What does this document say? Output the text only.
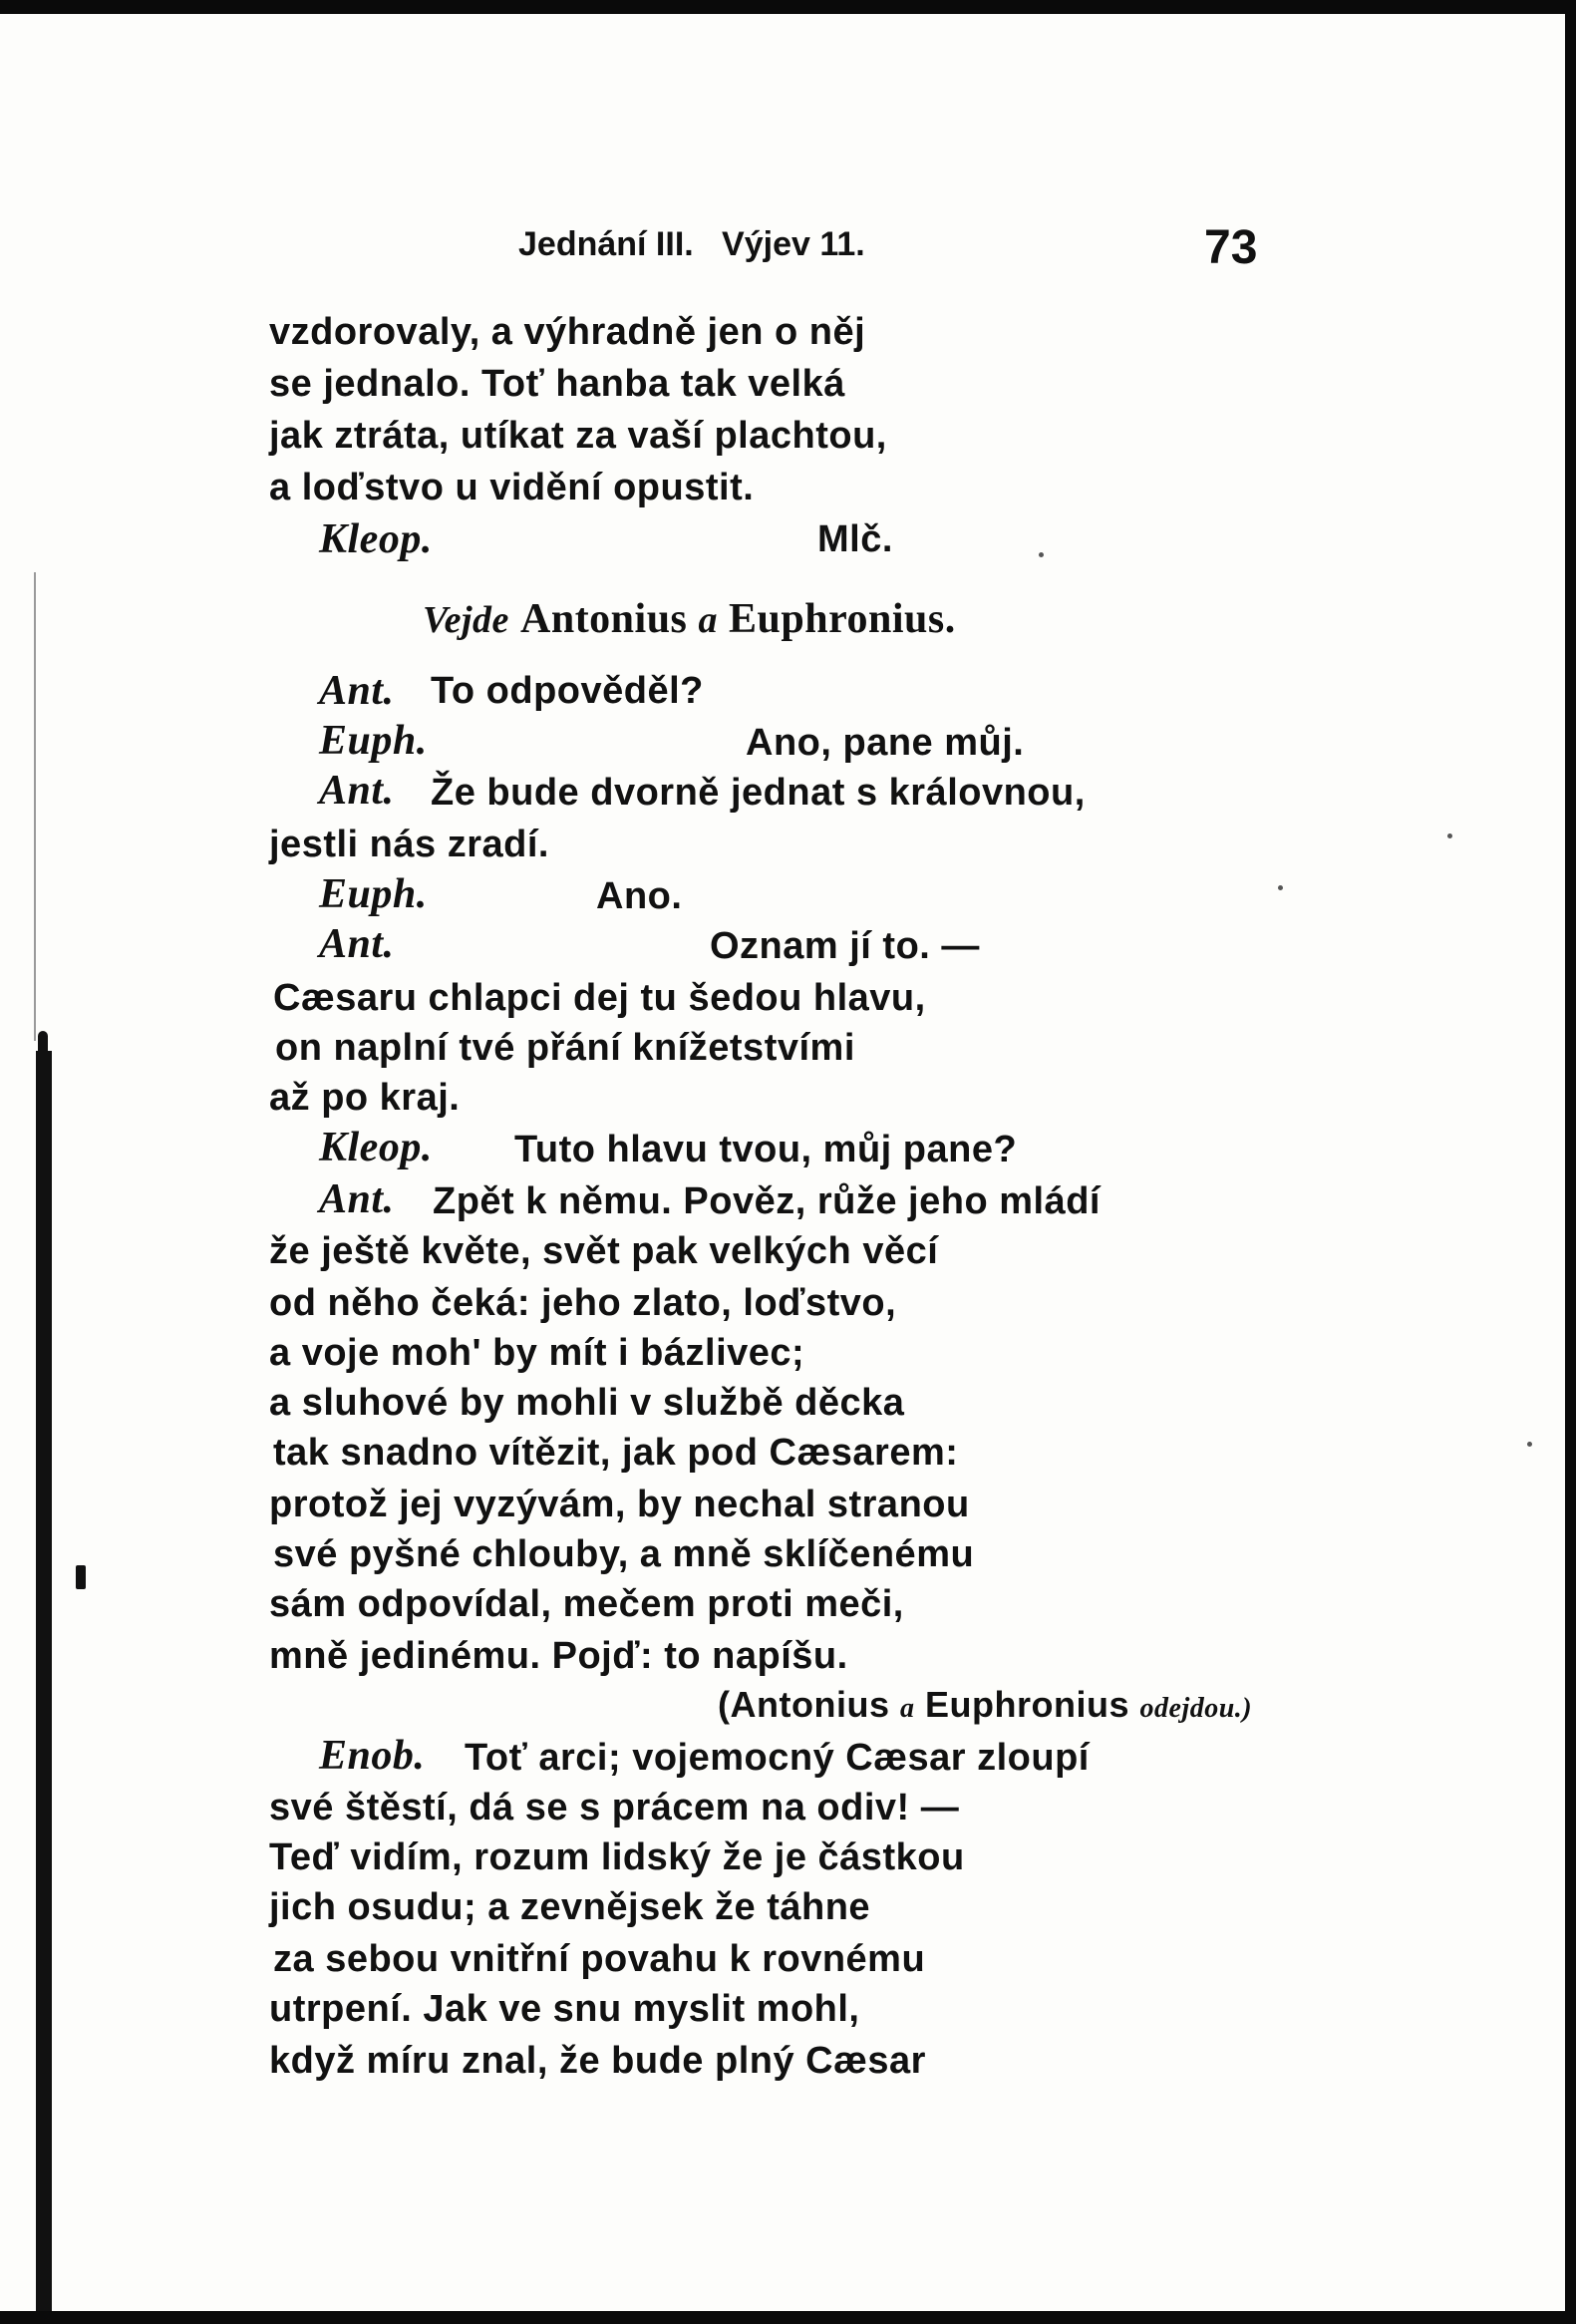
Jednání III.   Výjev 11.	73
vzdorovaly, a výhradně jen o něj
se jednalo. Toť hanba tak velká
jak ztráta, utíkat za vaší plachtou,
a loďstvo u vidění opustit.
Kleop.	Mlč.
Vejde Antonius a Euphronius.
Ant. To odpověděl?
Euph.	Ano, pane můj.
Ant. Že bude dvorně jednat s královnou,
jestli nás zradí.
Euph.	Ano.
Ant.	Oznam jí to. —
Cæsaru chlapci dej tu šedou hlavu,
on naplní tvé přání knížetstvími
až po kraj.
Kleop. Tuto hlavu tvou, můj pane?
Ant. Zpět k němu. Pověz, růže jeho mládí
že ještě květe, svět pak velkých věcí
od něho čeká: jeho zlato, loďstvo,
a voje moh' by mít i bázlivec;
a sluhové by mohli v službě děcka
tak snadno vítězit, jak pod Cæsarem:
protož jej vyzývám, by nechal stranou
své pyšné chlouby, a mně sklíčenému
sám odpovídal, mečem proti meči,
mně jedinému. Pojď: to napíšu.
(Antonius a Euphronius odejdou.)
Enob. Toť arci; vojemocný Cæsar zloupí
své štěstí, dá se s prácem na odiv! —
Teď vidím, rozum lidský že je částkou
jich osudu; a zevnějsek že táhne
za sebou vnitřní povahu k rovnému
utrpení. Jak ve snu myslit mohl,
když míru znal, že bude plný Cæsar
